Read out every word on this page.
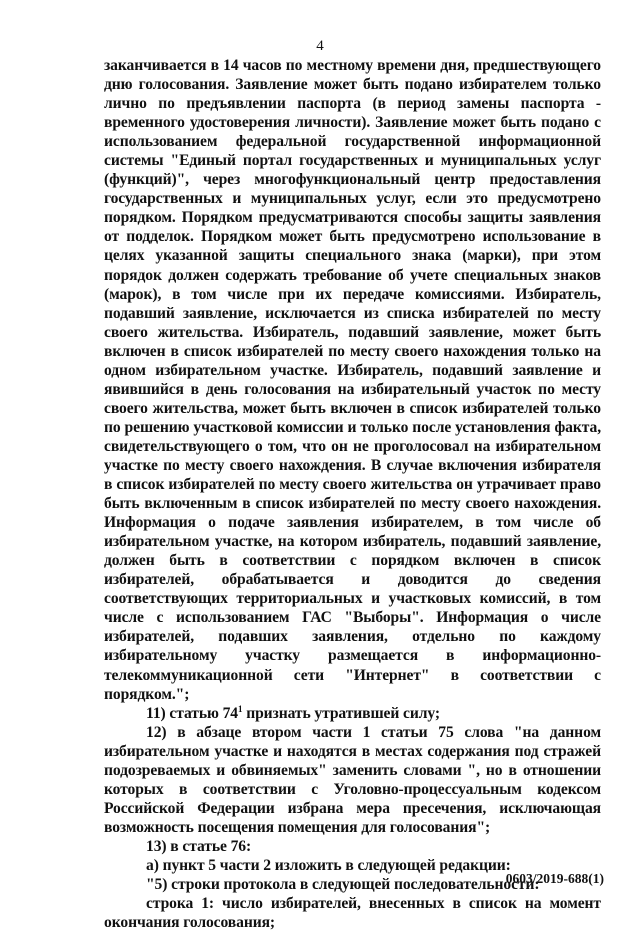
4

заканчивается в 14 часов по местному времени дня, предшествующего дню голосования. Заявление может быть подано избирателем только лично по предъявлении паспорта (в период замены паспорта - временного удостоверения личности). Заявление может быть подано с использованием федеральной государственной информационной системы "Единый портал государственных и муниципальных услуг (функций)", через многофункциональный центр предоставления государственных и муниципальных услуг, если это предусмотрено порядком. Порядком предусматриваются способы защиты заявления от подделок. Порядком может быть предусмотрено использование в целях указанной защиты специального знака (марки), при этом порядок должен содержать требование об учете специальных знаков (марок), в том числе при их передаче комиссиями. Избиратель, подавший заявление, исключается из списка избирателей по месту своего жительства. Избиратель, подавший заявление, может быть включен в список избирателей по месту своего нахождения только на одном избирательном участке. Избиратель, подавший заявление и явившийся в день голосования на избирательный участок по месту своего жительства, может быть включен в список избирателей только по решению участковой комиссии и только после установления факта, свидетельствующего о том, что он не проголосовал на избирательном участке по месту своего нахождения. В случае включения избирателя в список избирателей по месту своего жительства он утрачивает право быть включенным в список избирателей по месту своего нахождения. Информация о подаче заявления избирателем, в том числе об избирательном участке, на котором избиратель, подавший заявление, должен быть в соответствии с порядком включен в список избирателей, обрабатывается и доводится до сведения соответствующих территориальных и участковых комиссий, в том числе с использованием ГАС "Выборы". Информация о числе избирателей, подавших заявления, отдельно по каждому избирательному участку размещается в информационно-телекоммуникационной сети "Интернет" в соответствии с порядком.";

11) статью $74^1$ признать утратившей силу;

12) в абзаце втором части 1 статьи 75 слова "на данном избирательном участке и находятся в местах содержания под стражей подозреваемых и обвиняемых" заменить словами ", но в отношении которых в соответствии с Уголовно-процессуальным кодексом Российской Федерации избрана мера пресечения, исключающая возможность посещения помещения для голосования";

13) в статье 76:

а) пункт 5 части 2 изложить в следующей редакции:

"5) строки протокола в следующей последовательности:

строка 1: число избирателей, внесенных в список на момент окончания голосования;

0603/2019-688(1)
